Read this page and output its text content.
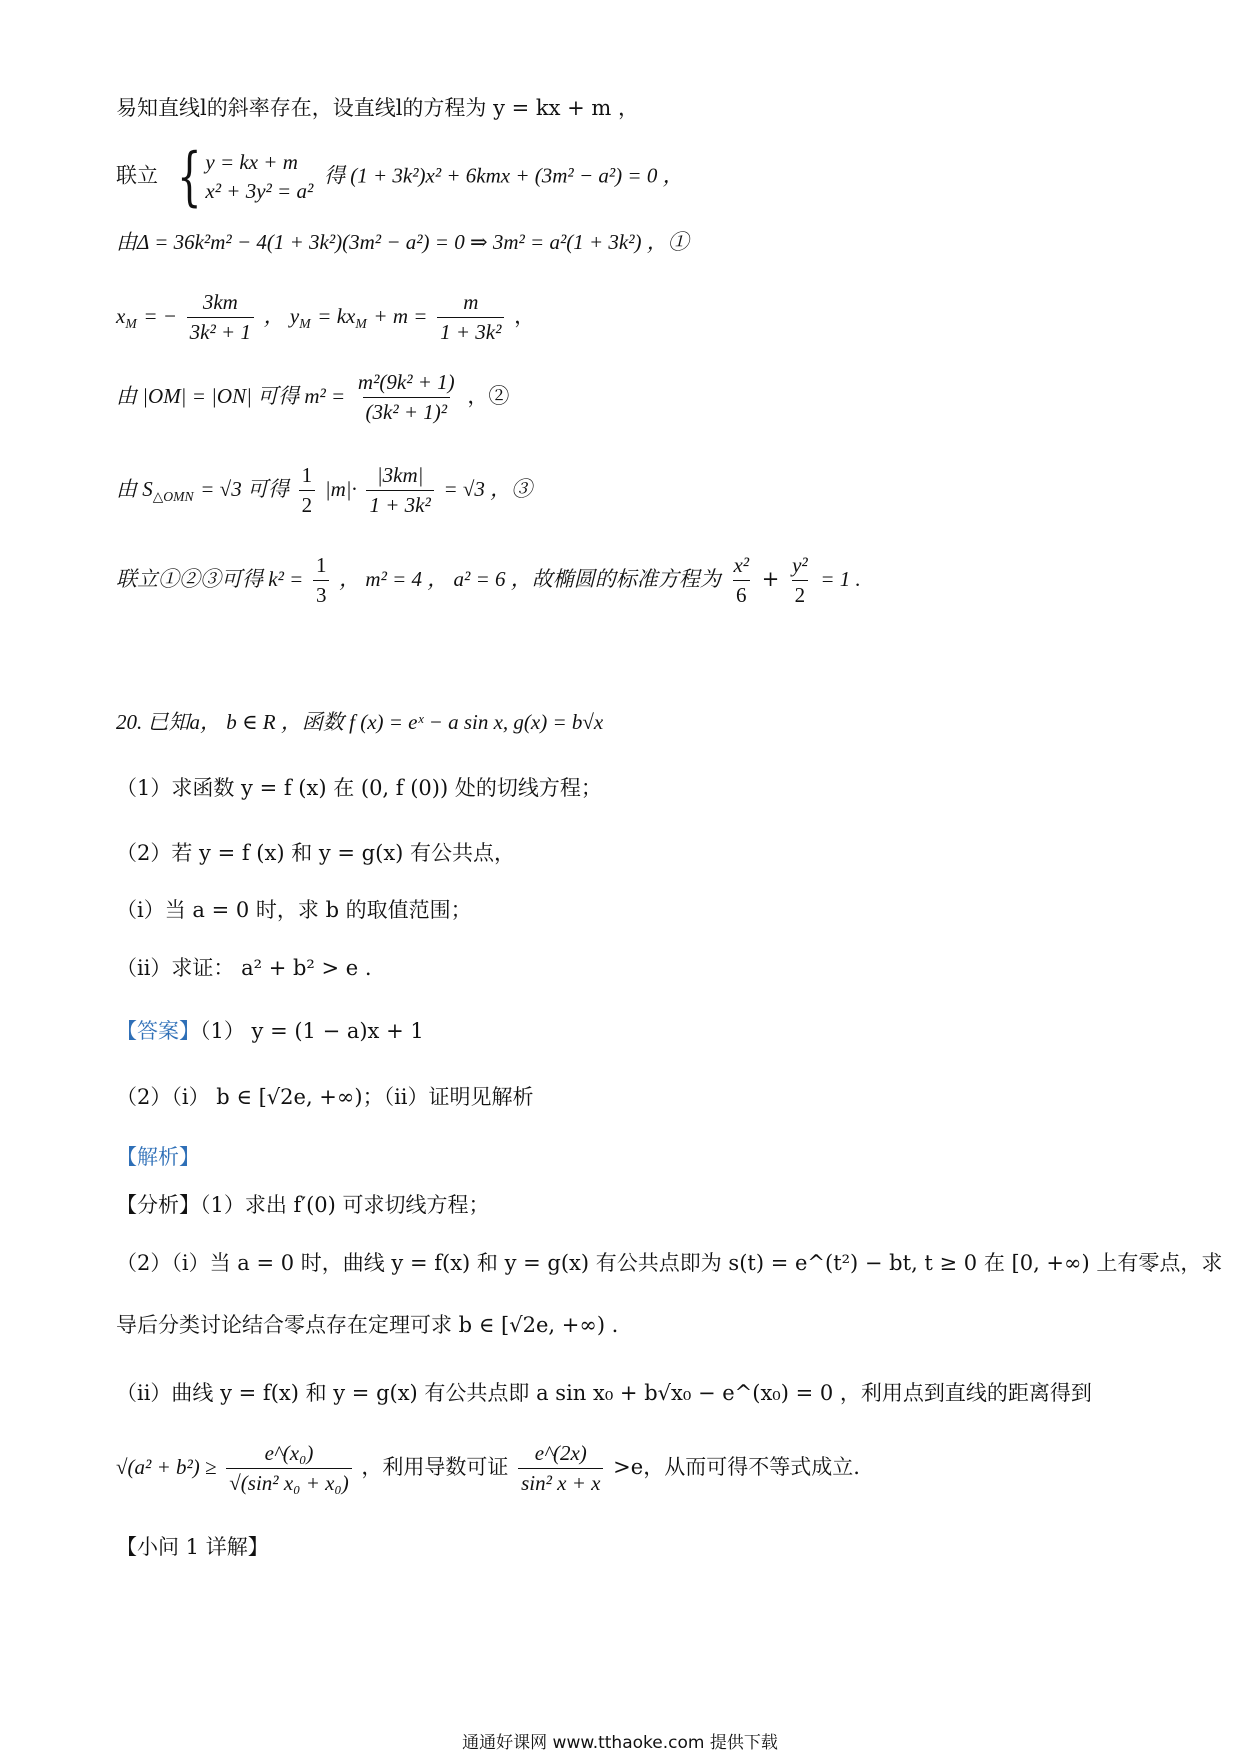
易知直线l的斜率存在，设直线l的方程为 y = kx + m ，
联立 { y = kx + m
x² + 3y² = a²
得 (1 + 3k²)x² + 6kmx + (3m² − a²) = 0 ，
由Δ = 36k²m² − 4(1 + 3k²)(3m² − a²) = 0 ⇒ 3m² = a²(1 + 3k²) ，①
$x_M$ = − $\frac{3km}{\text{3k² + 1}}$ ， $y_M = kx_M + m = \frac{m}{\text{1 + 3k²}}$ ，
由 |OM| = |ON| 可得 $m^2 = \frac{\text{m²(9k² + 1)}}{\text{(3k² + 1)²}}$ ，②
由 $S_{\triangle OMN} = √3$ 可得 $\frac{1}{2} |m|\cdot \frac{|3km|}{\text{1 + 3k²}} = √3$ ，③
联立①②③可得 $k^2 = \frac{1}{3}$ ， m² = 4 ， a² = 6 ，故椭圆的标准方程为 $\frac{\text{x²}}{6} + \frac{\text{y²}}{2} = 1$ .
20. 已知a， b ∈ R ，函数 f (x) = eˣ − a sin x, g(x) = b√x
（1）求函数 y = f (x) 在 (0, f (0)) 处的切线方程；
（2）若 y = f (x) 和 y = g(x) 有公共点，
（i）当 a = 0 时，求 b 的取值范围；
（ii）求证： a² + b² > e .
【答案】（1） y = (1 − a)x + 1
（2）（i） b ∈ [√2e, +∞)；（ii）证明见解析
【解析】
【分析】（1）求出 f′(0) 可求切线方程；
（2）（i）当 a = 0 时，曲线 y = f(x) 和 y = g(x) 有公共点即为 s(t) = e^(t²) − bt, t ≥ 0 在 [0, +∞) 上有零点，求
导后分类讨论结合零点存在定理可求 b ∈ [√2e, +∞) .
（ii）曲线 y = f(x) 和 y = g(x) 有公共点即 a sin x₀ + b√x₀ − e^(x₀) = 0 ，利用点到直线的距离得到
$√(a^2 + b^2) \ge \frac{\text{e\textasciicircum{}(x₀)}}{\text{√(sin² x₀ + x₀)}}$ ，利用导数可证 $\frac{e\^{}(2x)}{\text{sin² x + x}} >e$，从而可得不等式成立.
【小问 1 详解】
通通好课网 www.tthaoke.com 提供下载
